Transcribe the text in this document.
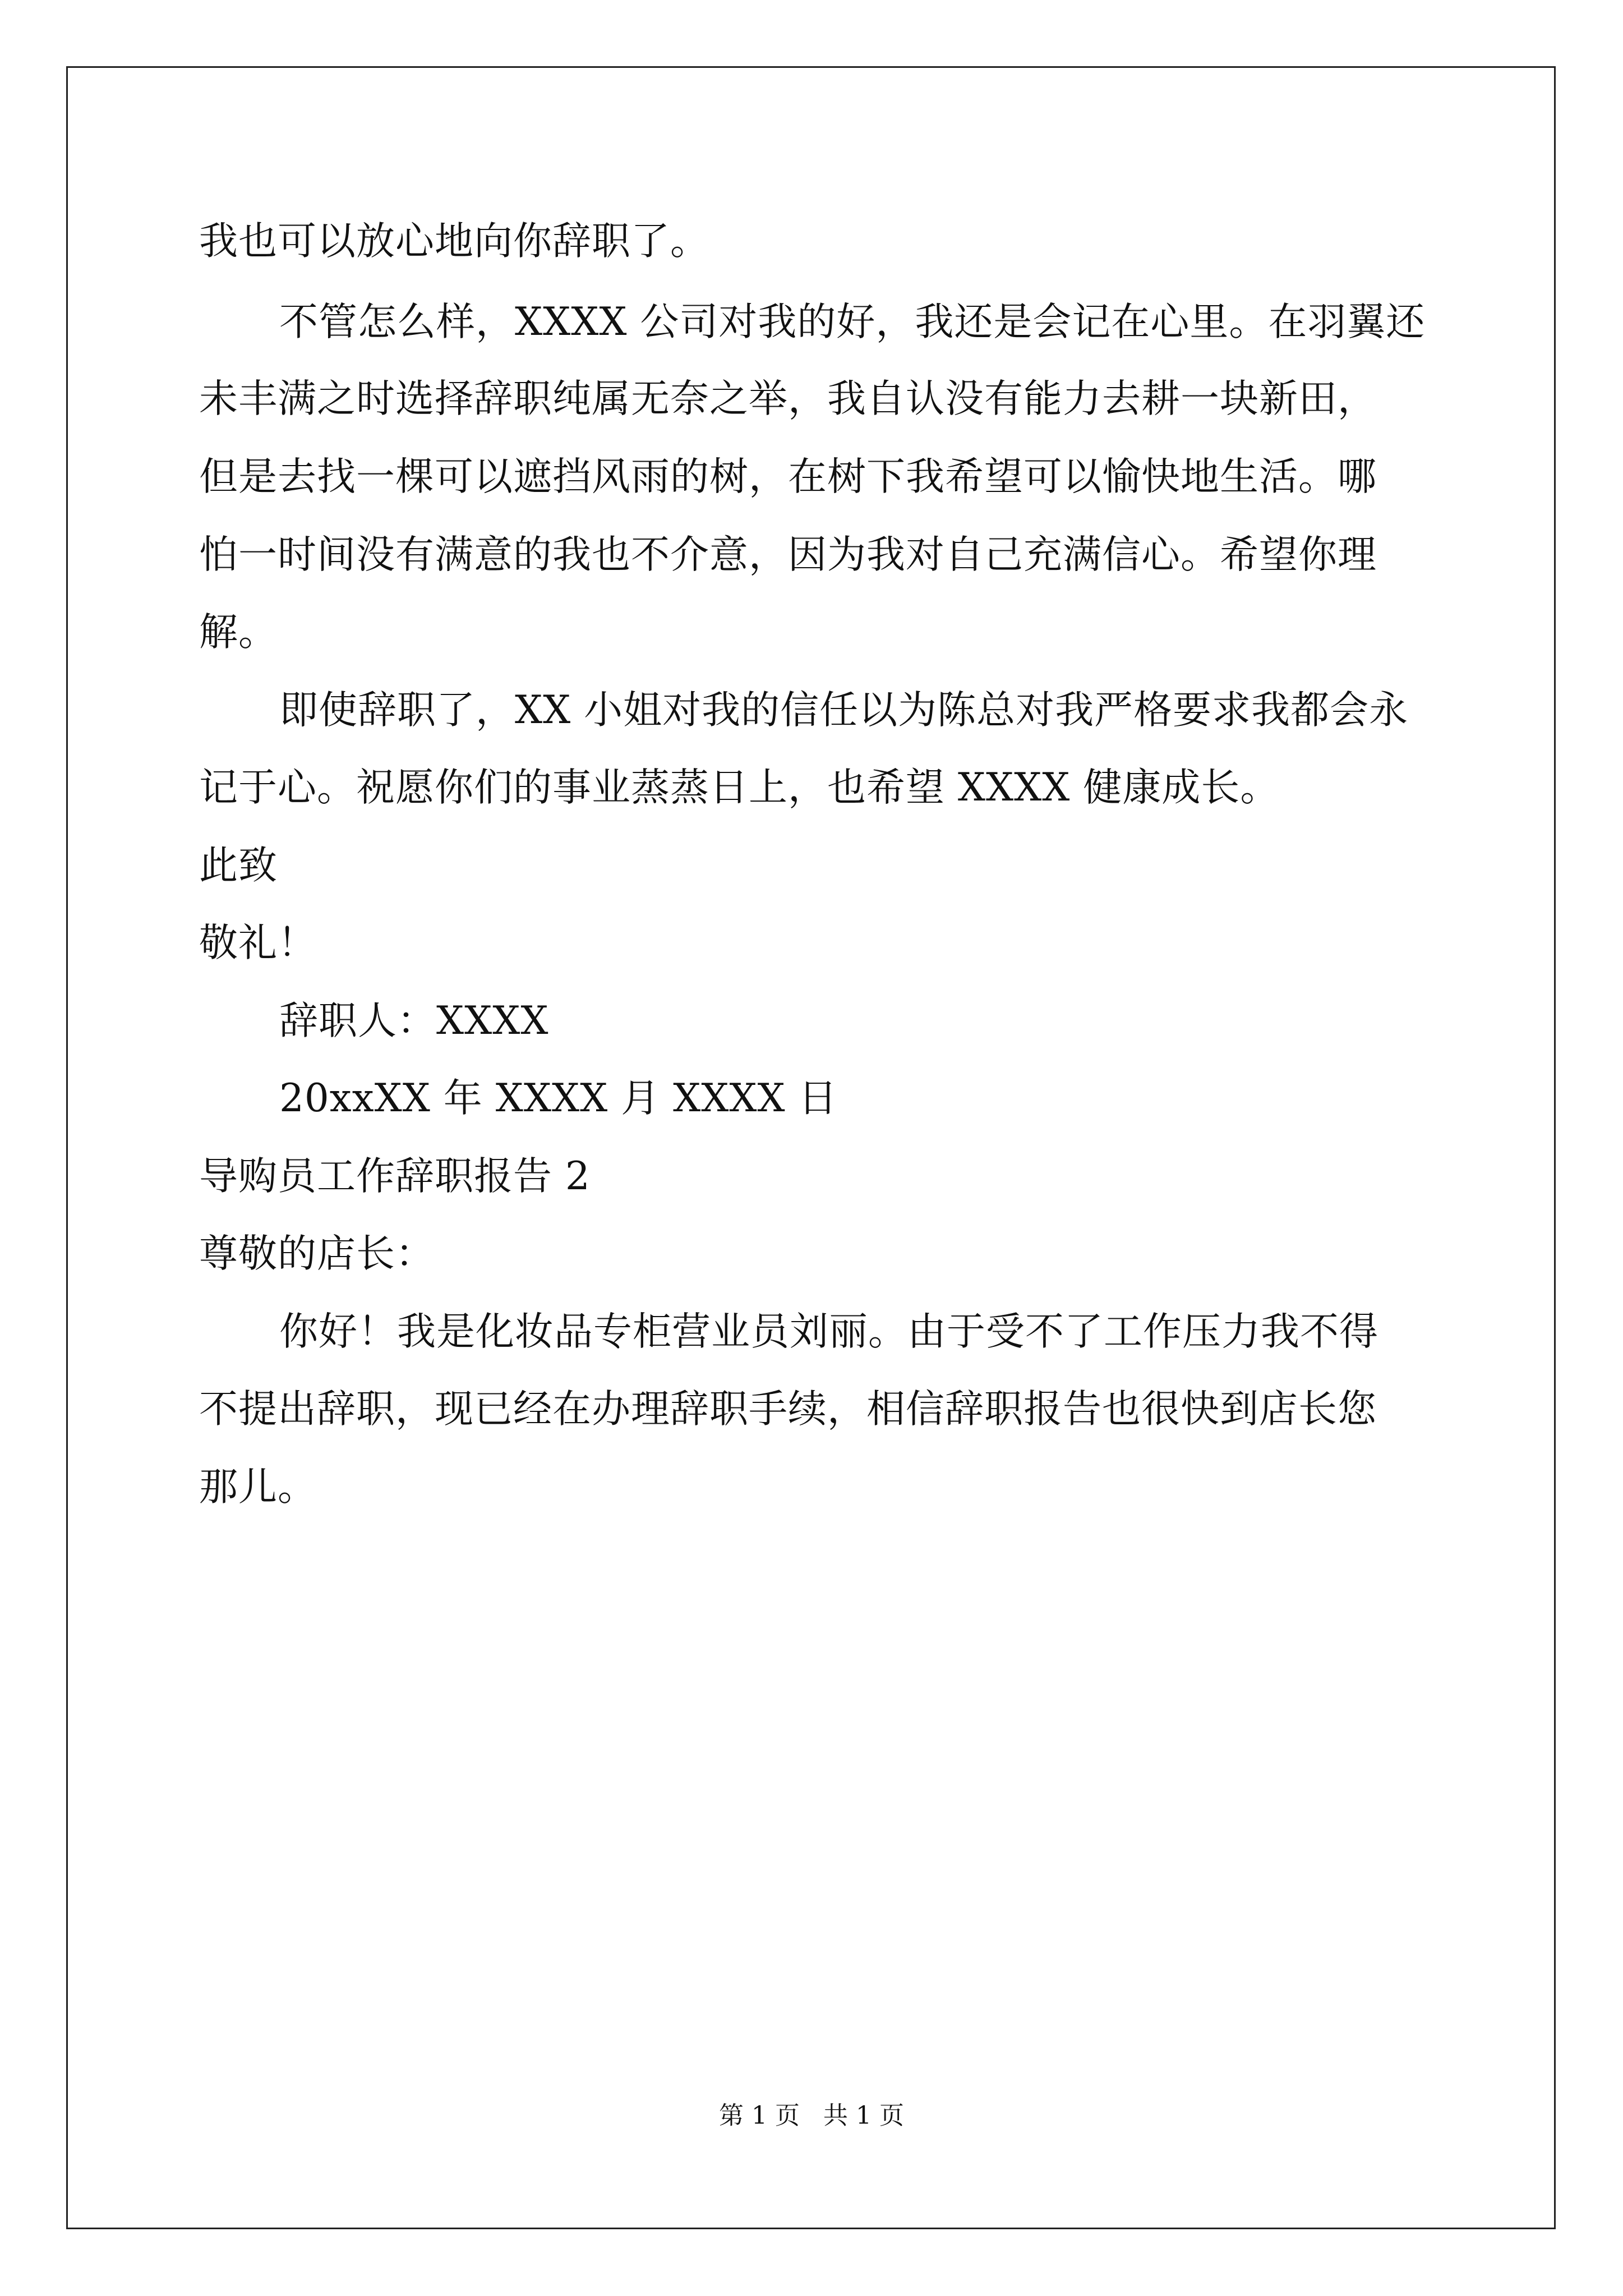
我也可以放心地向你辞职了。
不管怎么样，XXXX 公司对我的好，我还是会记在心里。在羽翼还
未丰满之时选择辞职纯属无奈之举，我自认没有能力去耕一块新田，
但是去找一棵可以遮挡风雨的树，在树下我希望可以愉快地生活。哪
怕一时间没有满意的我也不介意，因为我对自己充满信心。希望你理
解。
即使辞职了，XX 小姐对我的信任以为陈总对我严格要求我都会永
记于心。祝愿你们的事业蒸蒸日上，也希望 XXXX 健康成长。
此致
敬礼！
辞职人：XXXX
20xxXX 年 XXXX 月 XXXX 日
导购员工作辞职报告 2
尊敬的店长：
你好！我是化妆品专柜营业员刘丽。由于受不了工作压力我不得
不提出辞职，现已经在办理辞职手续，相信辞职报告也很快到店长您
那儿。
第 1 页   共 1 页
